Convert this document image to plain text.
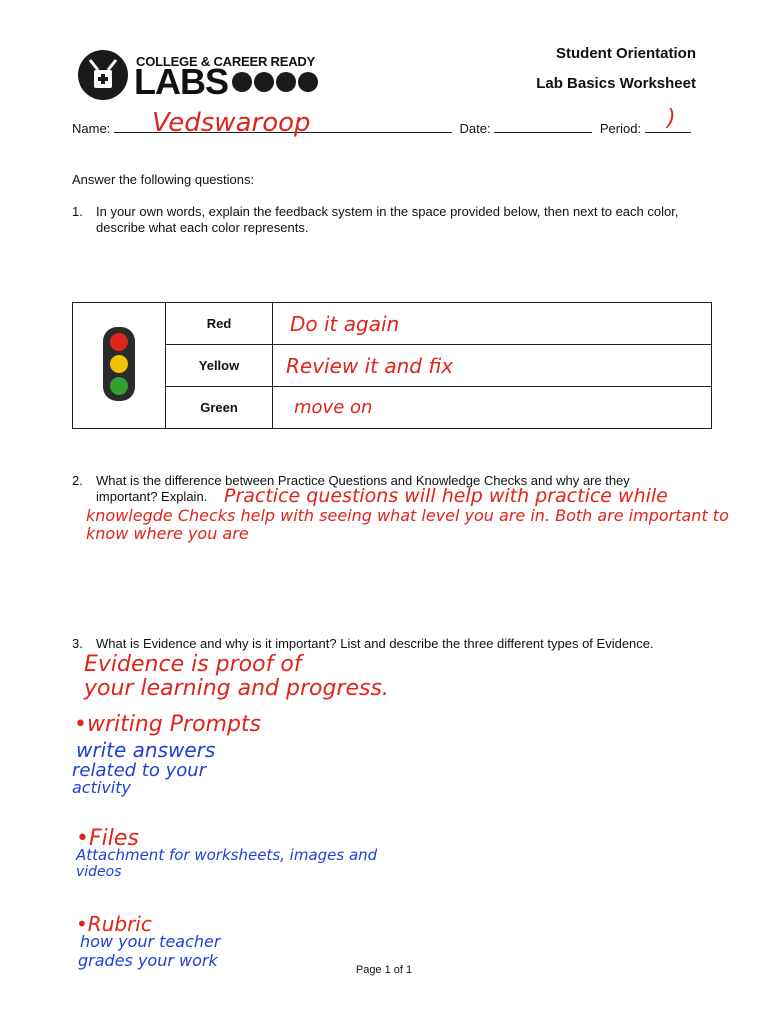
COLLEGE & CAREER READY
LABS
Student Orientation
Lab Basics Worksheet
Name:	Date:	Period:
Vedswaroop	)
Answer the following questions:
1. In your own words, explain the feedback system in the space provided below, then next to each color, describe what each color represents.
	Red	Do it again
	Yellow	Review it and fix
	Green	move on
2. What is the difference between Practice Questions and Knowledge Checks and why are they important? Explain. Practice questions will help with practice while
knowlegde Checks help with seeing what level you are in. Both are important to
know where you are
3. What is Evidence and why is it important? List and describe the three different types of Evidence.
Evidence is proof of
your learning and progress.
•writing Prompts
write answers
related to your
activity
•Files
Attachment for worksheets, images and
videos
•Rubric
how your teacher
grades your work	Page 1 of 1
